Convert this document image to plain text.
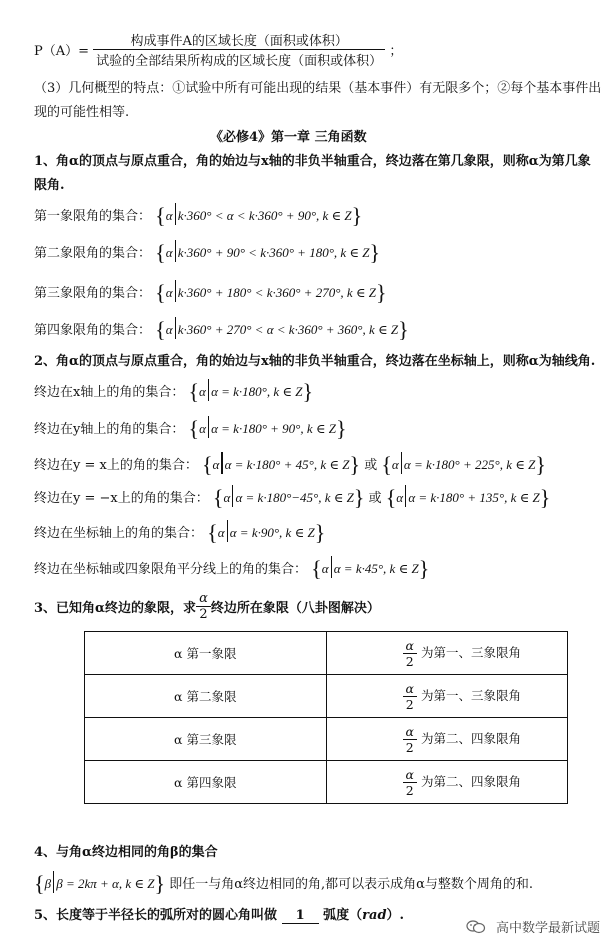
$P(A)= \frac{\text{构成事件A的区域长度（面积或体积）}}{\text{试验的全部结果所构成的区域长度（面积或体积）}}$ ；
（3）几何概型的特点：①试验中所有可能出现的结果（基本事件）有无限多个；②每个基本事件出
现的可能性相等.
《必修4》第一章 三角函数
1、角α的顶点与原点重合，角的始边与x轴的非负半轴重合，终边落在第几象限，则称α为第几象
限角.
第一象限角的集合： {α k·360° < α < k·360° + 90°, k ∈ Z}
第二象限角的集合： {α k·360° + 90° < k·360° + 180°, k ∈ Z}
第三象限角的集合： {α k·360° + 180° < k·360° + 270°, k ∈ Z}
第四象限角的集合： {α k·360° + 270° < α < k·360° + 360°, k ∈ Z}
2、角α的顶点与原点重合，角的始边与x轴的非负半轴重合，终边落在坐标轴上，则称α为轴线角.
终边在x轴上的角的集合： {α α = k·180°, k ∈ Z}
终边在y轴上的角的集合： {α α = k·180° + 90°, k ∈ Z}
终边在y = x上的角的集合： {α α = k·180° + 45°, k ∈ Z} 或 {α α = k·180° + 225°, k ∈ Z}
终边在y = −x上的角的集合： {α α = k·180°−45°, k ∈ Z} 或 {α α = k·180° + 135°, k ∈ Z}
终边在坐标轴上的角的集合： {α α = k·90°, k ∈ Z}
终边在坐标轴或四象限角平分线上的角的集合： {α α = k·45°, k ∈ Z}
3、已知角α终边的象限，求 $\frac{\alpha}{2}$ 终边所在象限（八卦图解决）
α 第一象限	$\frac{\alpha}{2}$ 为第一、三象限角
α 第二象限	$\frac{\alpha}{2}$ 为第一、三象限角
α 第三象限	$\frac{\alpha}{2}$ 为第二、四象限角
α 第四象限	$\frac{\alpha}{2}$ 为第二、四象限角
4、与角α终边相同的角β的集合
{β β = 2kπ + α, k ∈ Z} 即任一与角α终边相同的角,都可以表示成角α与整数个周角的和.
5、长度等于半径长的弧所对的圆心角叫做 1 弧度（rad）.
高中数学最新试题
